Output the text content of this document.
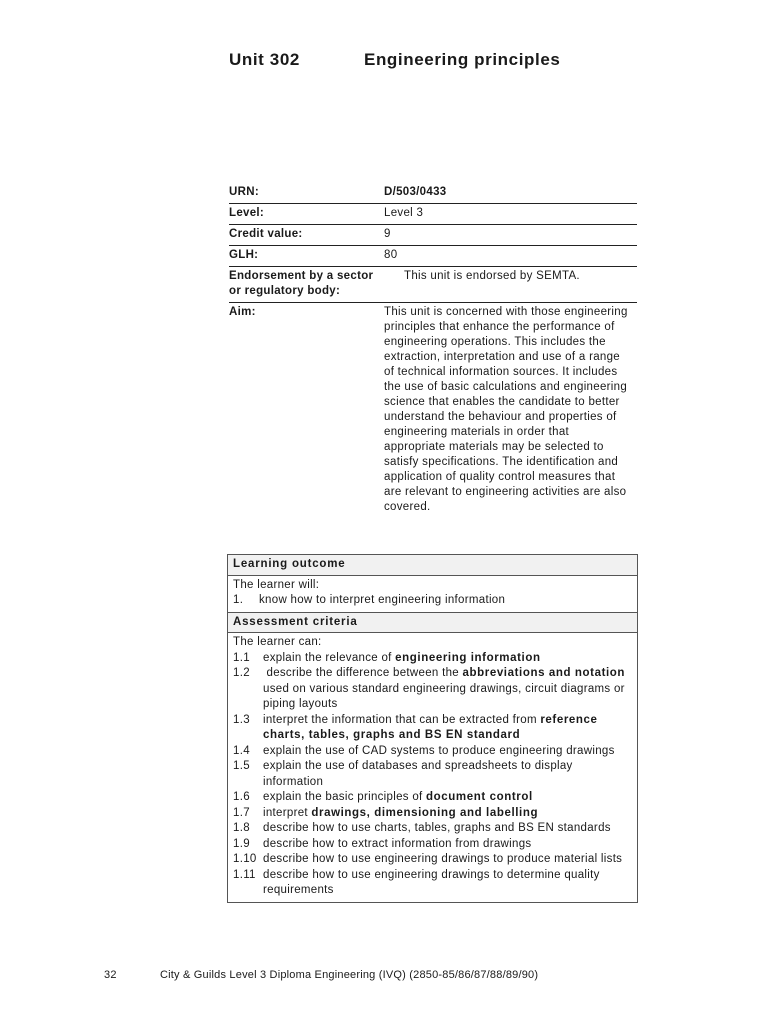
Unit 302	Engineering principles
URN:	D/503/0433
Level:	Level 3
Credit value:	9
GLH:	80
Endorsement by a sector or regulatory body:
This unit is endorsed by SEMTA.
Aim:	This unit is concerned with those engineering principles that enhance the performance of engineering operations. This includes the extraction, interpretation and use of a range of technical information sources. It includes the use of basic calculations and engineering science that enables the candidate to better understand the behaviour and properties of engineering materials in order that appropriate materials may be selected to satisfy specifications. The identification and application of quality control measures that are relevant to engineering activities are also covered.
Learning outcome
The learner will:
1.	know how to interpret engineering information
Assessment criteria
The learner can:
1.1	explain the relevance of engineering information
1.2	describe the difference between the abbreviations and notation used on various standard engineering drawings, circuit diagrams or piping layouts
1.3	interpret the information that can be extracted from reference charts, tables, graphs and BS EN standard
1.4	explain the use of CAD systems to produce engineering drawings
1.5	explain the use of databases and spreadsheets to display information
1.6	explain the basic principles of document control
1.7	interpret drawings, dimensioning and labelling
1.8	describe how to use charts, tables, graphs and BS EN standards
1.9	describe how to extract information from drawings
1.10 describe how to use engineering drawings to produce material lists
1.11 describe how to use engineering drawings to determine quality requirements
32	City & Guilds Level 3 Diploma Engineering (IVQ) (2850-85/86/87/88/89/90)
